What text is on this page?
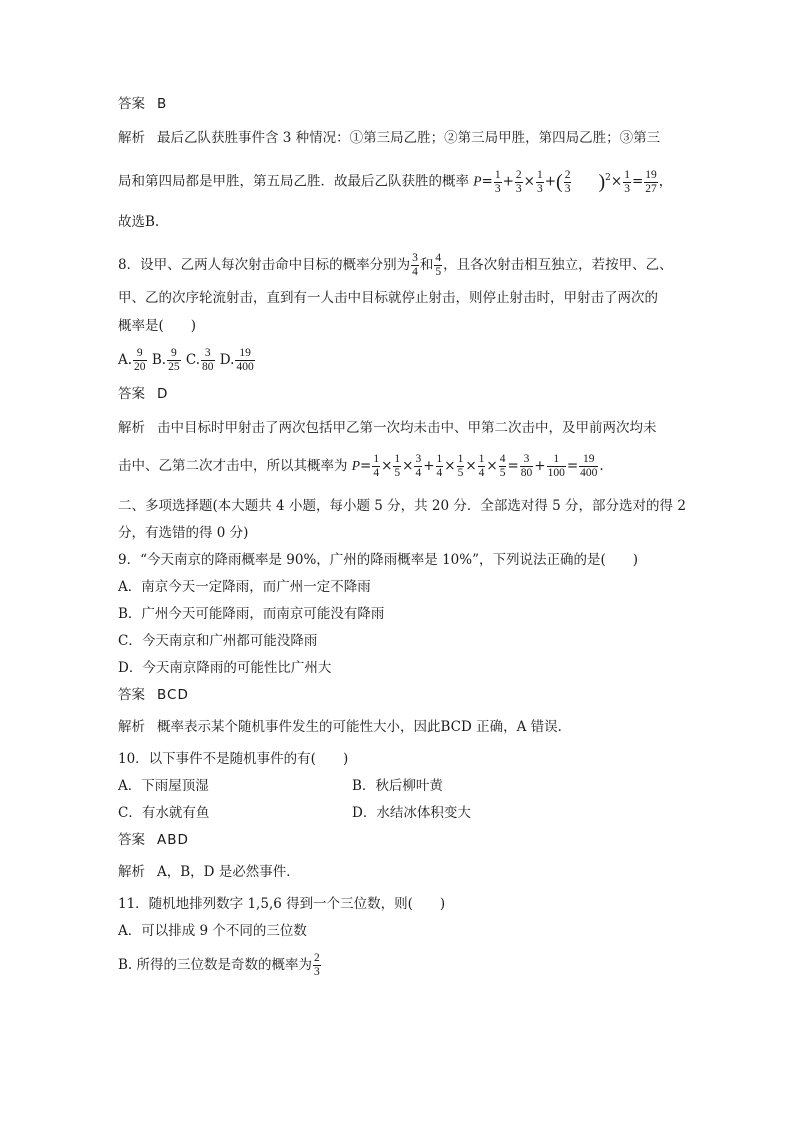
答案 B
解析 最后乙队获胜事件含 3 种情况：①第三局乙胜；②第三局甲胜，第四局乙胜；③第三
局和第四局都是甲胜，第五局乙胜．故最后乙队获胜的概率 $P= \frac{1}{3} + \frac{2}{3} \times \frac{1}{3}$ +( $\frac{2}{3} )^2\times \frac{1}{3} = \frac{19}{27}$ ，
故选B.
8．设甲、乙两人每次射击命中目标的概率分别为 $\frac{3}{4}$ 和 $\frac{4}{5}$ ，且各次射击相互独立，若按甲、乙、
甲、乙的次序轮流射击，直到有一人击中目标就停止射击，则停止射击时，甲射击了两次的
概率是(　　)
A. $\frac{9}{20} B$. $\frac{9}{25} C$. $\frac{3}{80} D$. $\frac{19}{400}$
答案 D
解析 击中目标时甲射击了两次包括甲乙第一次均未击中、甲第二次击中，及甲前两次均未
击中、乙第二次才击中，所以其概率为 $P= \frac{1}{4} \times \frac{1}{5} \times \frac{3}{4} + \frac{1}{4} \times \frac{1}{5} \times \frac{1}{4} \times \frac{4}{5} = \frac{3}{80} + \frac{1}{100} = \frac{19}{400}$ .
二、多项选择题(本大题共 4 小题，每小题 5 分，共 20 分．全部选对得 5 分，部分选对的得 2
分，有选错的得 0 分)
9．“今天南京的降雨概率是 90%，广州的降雨概率是 10%”，下列说法正确的是(　　)
A．南京今天一定降雨，而广州一定不降雨
B．广州今天可能降雨，而南京可能没有降雨
C．今天南京和广州都可能没降雨
D．今天南京降雨的可能性比广州大
答案 BCD
解析 概率表示某个随机事件发生的可能性大小，因此BCD 正确，A 错误．
10．以下事件不是随机事件的有(　　)
A．下雨屋顶湿	B．秋后柳叶黄
C．有水就有鱼	D．水结冰体积变大
答案 ABD
解析 A，B，D 是必然事件．
11．随机地排列数字 1,5,6 得到一个三位数，则(　　)
A．可以排成 9 个不同的三位数
B. 所得的三位数是奇数的概率为 $\frac{2}{3}$
